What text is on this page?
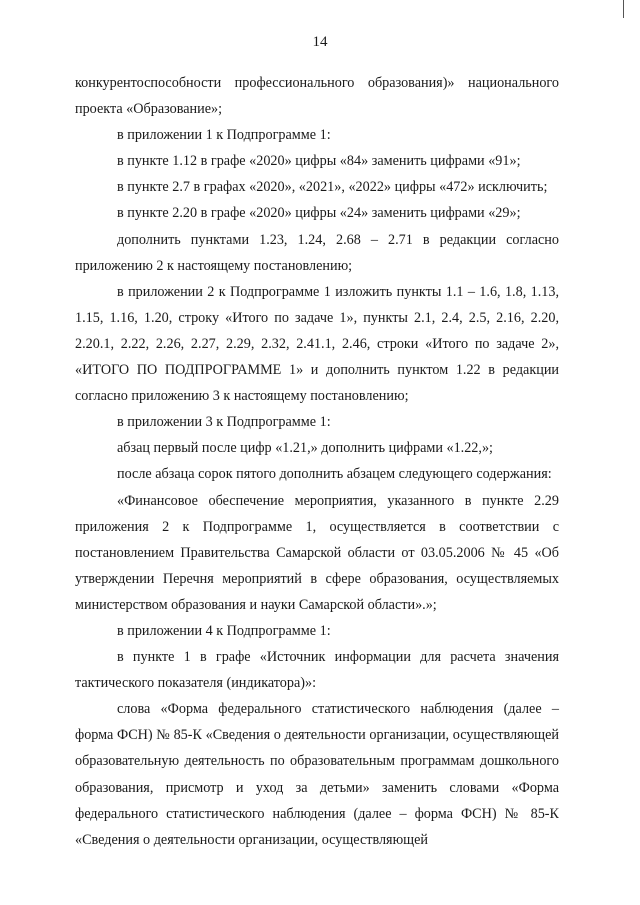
14

конкурентоспособности профессионального образования)» национального проекта «Образование»;

в приложении 1 к Подпрограмме 1:

в пункте 1.12 в графе «2020» цифры «84» заменить цифрами «91»;

в пункте 2.7 в графах «2020», «2021», «2022» цифры «472» исключить;

в пункте 2.20 в графе «2020» цифры «24» заменить цифрами «29»;

дополнить пунктами 1.23, 1.24, 2.68 – 2.71 в редакции согласно приложению 2 к настоящему постановлению;

в приложении 2 к Подпрограмме 1 изложить пункты 1.1 – 1.6, 1.8, 1.13, 1.15, 1.16, 1.20, строку «Итого по задаче 1», пункты 2.1, 2.4, 2.5, 2.16, 2.20, 2.20.1, 2.22, 2.26, 2.27, 2.29, 2.32, 2.41.1, 2.46, строки «Итого по задаче 2», «ИТОГО ПО ПОДПРОГРАММЕ 1» и дополнить пунктом 1.22 в редакции согласно приложению 3 к настоящему постановлению;

в приложении 3 к Подпрограмме 1:

абзац первый после цифр «1.21,» дополнить цифрами «1.22,»;

после абзаца сорок пятого дополнить абзацем следующего содержания:

«Финансовое обеспечение мероприятия, указанного в пункте 2.29 приложения 2 к Подпрограмме 1, осуществляется в соответствии с постановлением Правительства Самарской области от 03.05.2006 № 45 «Об утверждении Перечня мероприятий в сфере образования, осуществляемых министерством образования и науки Самарской области».»;

в приложении 4 к Подпрограмме 1:

в пункте 1 в графе «Источник информации для расчета значения тактического показателя (индикатора)»:

слова «Форма федерального статистического наблюдения (далее – форма ФСН) № 85-К «Сведения о деятельности организации, осуществляющей образовательную деятельность по образовательным программам дошкольного образования, присмотр и уход за детьми» заменить словами «Форма федерального статистического наблюдения (далее – форма ФСН) № 85-К «Сведения о деятельности организации, осуществляющей
